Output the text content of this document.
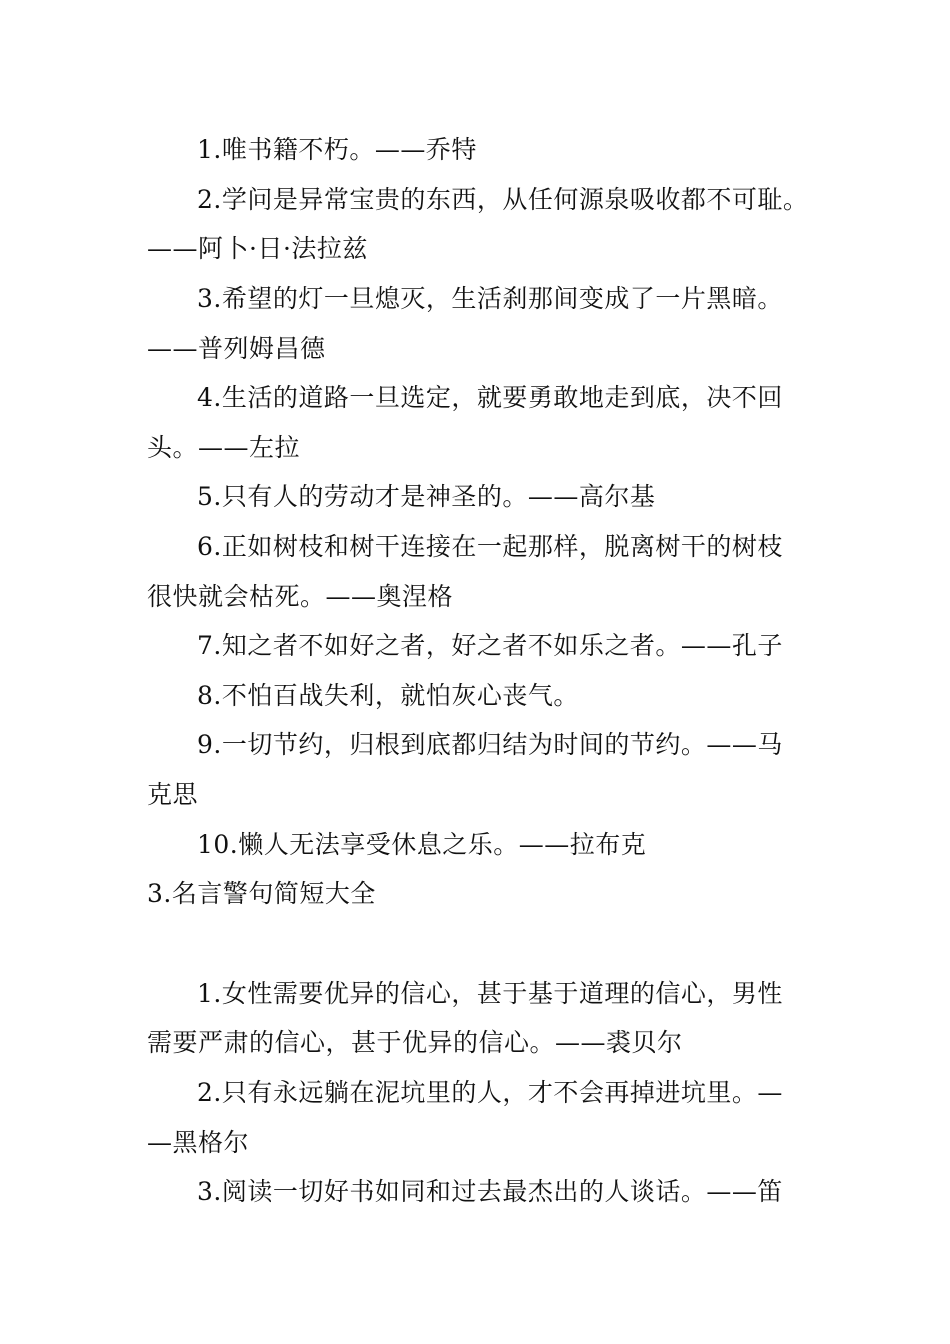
1.唯书籍不朽。——乔特
2.学问是异常宝贵的东西，从任何源泉吸收都不可耻。
——阿卜·日·法拉兹
3.希望的灯一旦熄灭，生活刹那间变成了一片黑暗。
——普列姆昌德
4.生活的道路一旦选定，就要勇敢地走到底，决不回
头。——左拉
5.只有人的劳动才是神圣的。——高尔基
6.正如树枝和树干连接在一起那样，脱离树干的树枝
很快就会枯死。——奥涅格
7.知之者不如好之者，好之者不如乐之者。——孔子
8.不怕百战失利，就怕灰心丧气。
9.一切节约，归根到底都归结为时间的节约。——马
克思
10.懒人无法享受休息之乐。——拉布克
3.名言警句简短大全
1.女性需要优异的信心，甚于基于道理的信心，男性
需要严肃的信心，甚于优异的信心。——裘贝尔
2.只有永远躺在泥坑里的人，才不会再掉进坑里。—
—黑格尔
3.阅读一切好书如同和过去最杰出的人谈话。——笛
